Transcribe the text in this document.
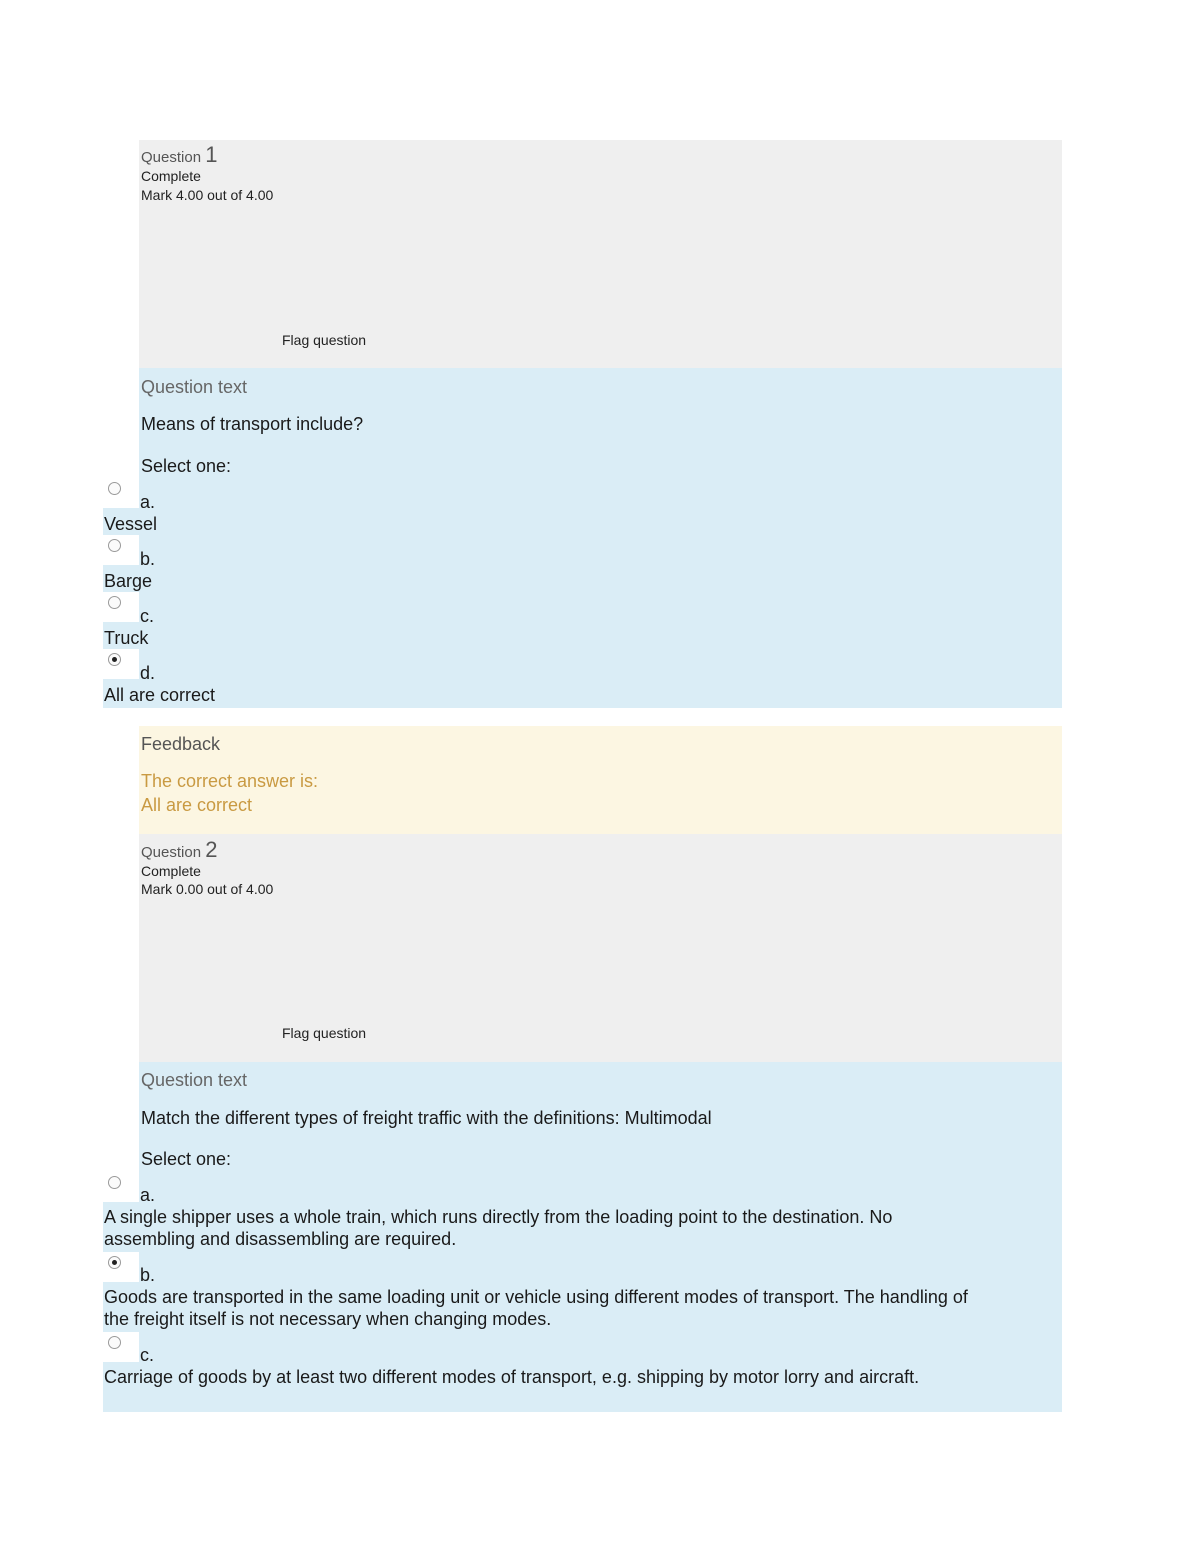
Question 1
Complete
Mark 4.00 out of 4.00
Flag question
Question text
Means of transport include?
Select one:
a.
Vessel
b.
Barge
c.
Truck
d.
All are correct
Feedback
The correct answer is:
All are correct
Question 2
Complete
Mark 0.00 out of 4.00
Flag question
Question text
Match the different types of freight traffic with the definitions: Multimodal
Select one:
a.
A single shipper uses a whole train, which runs directly from the loading point to the destination. No assembling and disassembling are required.
b.
Goods are transported in the same loading unit or vehicle using different modes of transport. The handling of the freight itself is not necessary when changing modes.
c.
Carriage of goods by at least two different modes of transport, e.g. shipping by motor lorry and aircraft.
